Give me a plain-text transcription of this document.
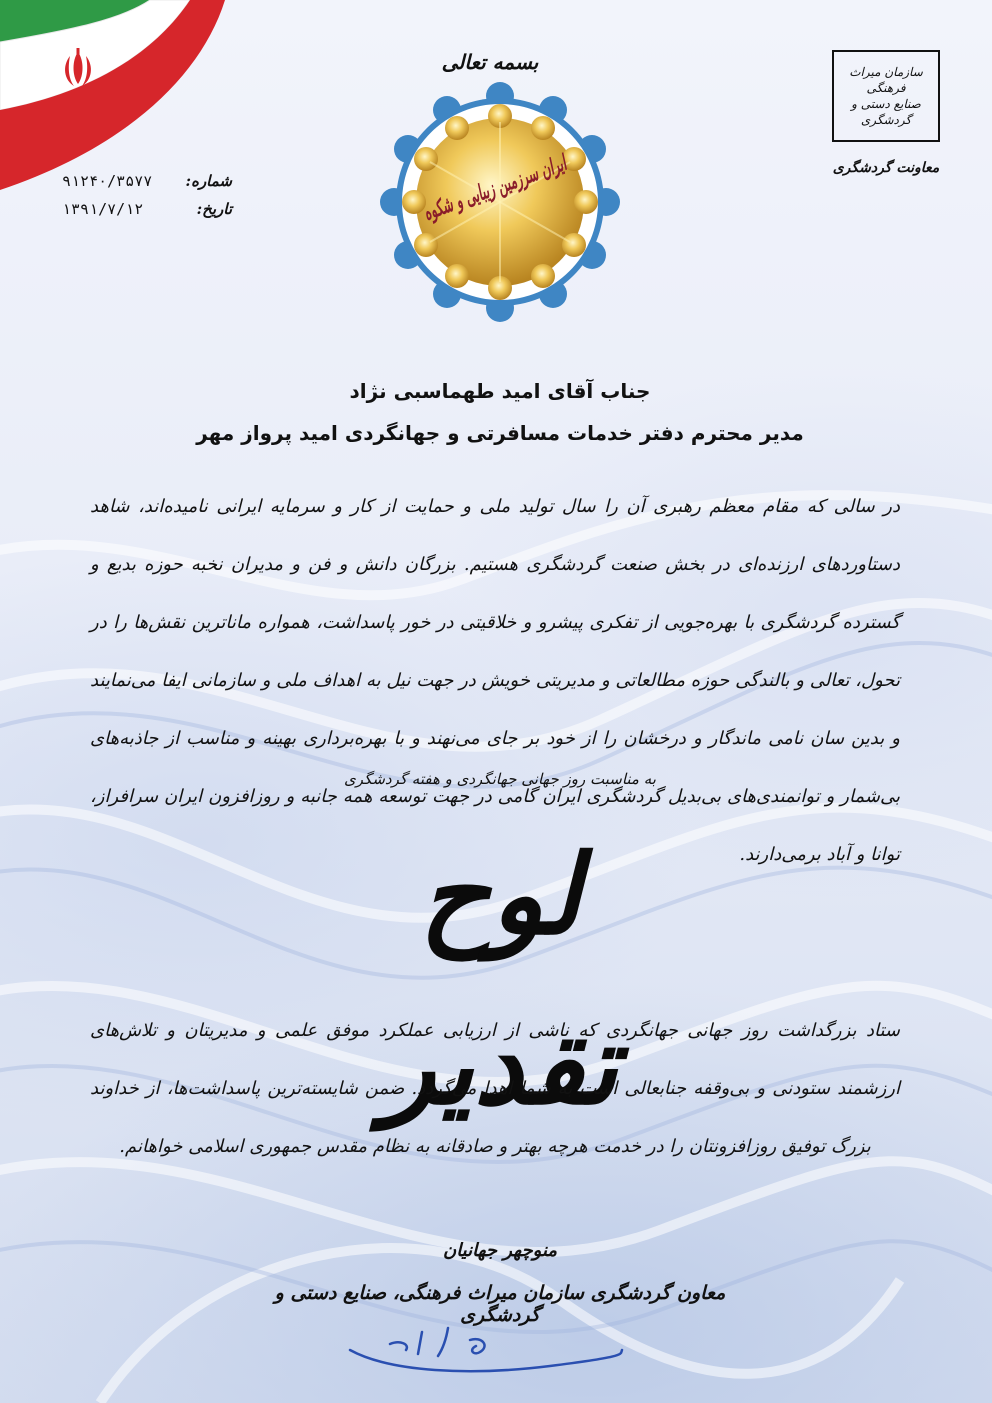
بسمه تعالی
ایران سرزمین زیبایی و شکوه
سازمان میراث فرهنگی
صنایع دستی و گردشگری
معاونت گردشگری
شماره:
۹۱۲۴۰/۳۵۷۷
تاریخ:
۱۳۹۱/۷/۱۲
جناب آقای امید طهماسبی نژاد
مدیر محترم دفتر خدمات مسافرتی و جهانگردی امید پرواز مهر
در سالی که مقام معظم رهبری آن را سال تولید ملی و حمایت از کار و سرمایه ایرانی نامیده‌اند، شاهد دستاوردهای ارزنده‌ای در بخش صنعت گردشگری هستیم. بزرگان دانش و فن و مدیران نخبه حوزه بدیع و گسترده گردشگری با بهره‌جویی از تفکری پیشرو و خلاقیتی در خور پاسداشت، همواره ماناترین نقش‌ها را در تحول، تعالی و بالندگی حوزه مطالعاتی و مدیریتی خویش در جهت نیل به اهداف ملی و سازمانی ایفا می‌نمایند و بدین سان نامی ماندگار و درخشان را از خود بر جای می‌نهند و با بهره‌برداری بهینه و مناسب از جاذبه‌های بی‌شمار و توانمندی‌های بی‌بدیل گردشگری ایران گامی در جهت توسعه همه جانبه و روزافزون ایران سرافراز، توانا و آباد برمی‌دارند.
به مناسبت روز جهانی جهانگردی و هفته گردشگری
لوح تقدیر
ستاد بزرگداشت روز جهانی جهانگردی که ناشی از ارزیابی عملکرد موفق علمی و مدیریتان و تلاش‌های ارزشمند ستودنی و بی‌وقفه جنابعالی است به شما اهدا می‌گردد. ضمن شایسته‌ترین پاسداشت‌ها، از خداوند بزرگ توفیق روزافزونتان را در خدمت هرچه بهتر و صادقانه به نظام مقدس جمهوری اسلامی خواهانم.
منوچهر جهانیان
معاون گردشگری سازمان میراث فرهنگی، صنایع دستی و گردشگری
